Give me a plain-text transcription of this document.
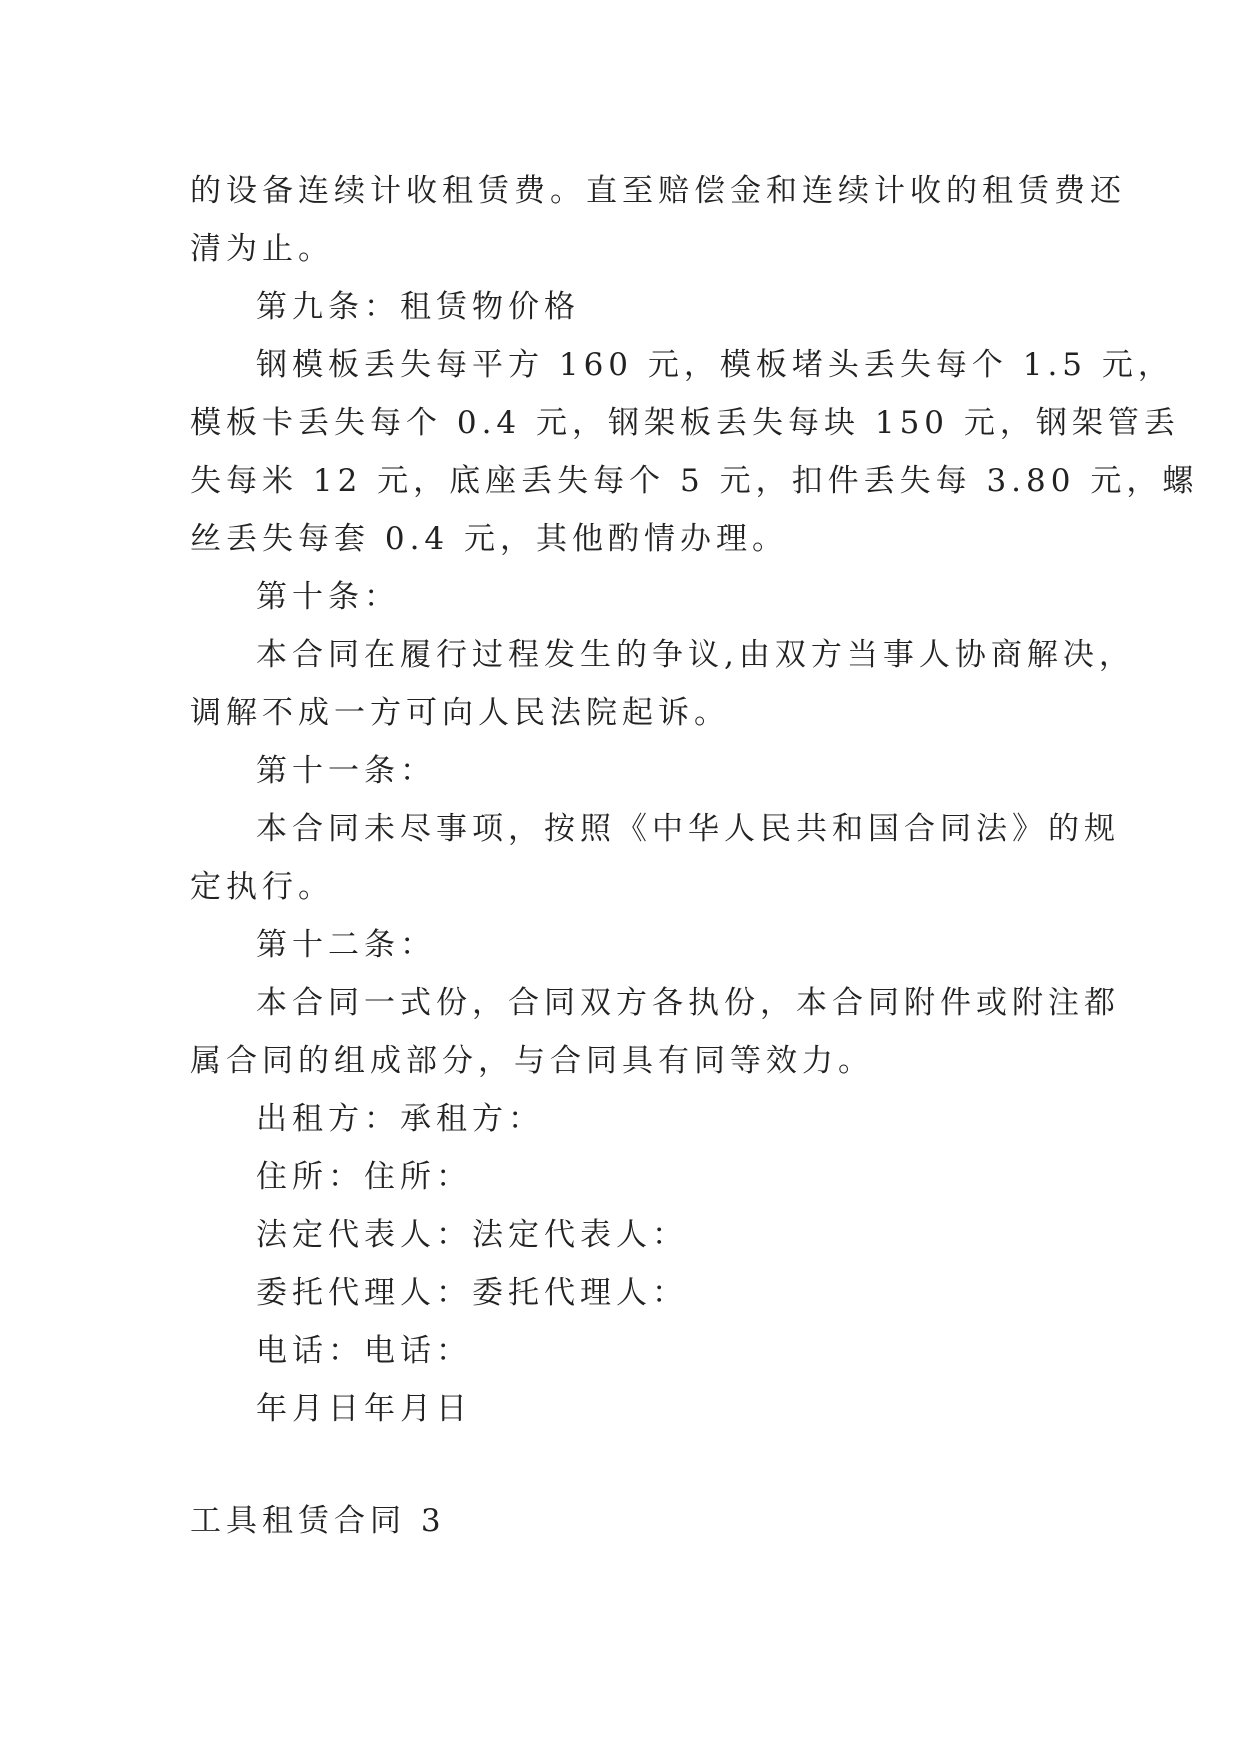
的设备连续计收租赁费。直至赔偿金和连续计收的租赁费还

清为止。

第九条：租赁物价格

钢模板丢失每平方 160 元，模板堵头丢失每个 1.5 元，

模板卡丢失每个 0.4 元，钢架板丢失每块 150 元，钢架管丢

失每米 12 元，底座丢失每个 5 元，扣件丢失每 3.80 元，螺

丝丢失每套 0.4 元，其他酌情办理。

第十条：

本合同在履行过程发生的争议,由双方当事人协商解决，

调解不成一方可向人民法院起诉。

第十一条：

本合同未尽事项，按照《中华人民共和国合同法》的规

定执行。

第十二条：

本合同一式份，合同双方各执份，本合同附件或附注都

属合同的组成部分，与合同具有同等效力。

出租方：承租方：

住所：住所：

法定代表人：法定代表人：

委托代理人：委托代理人：

电话：电话：

年月日年月日

工具租赁合同 3
